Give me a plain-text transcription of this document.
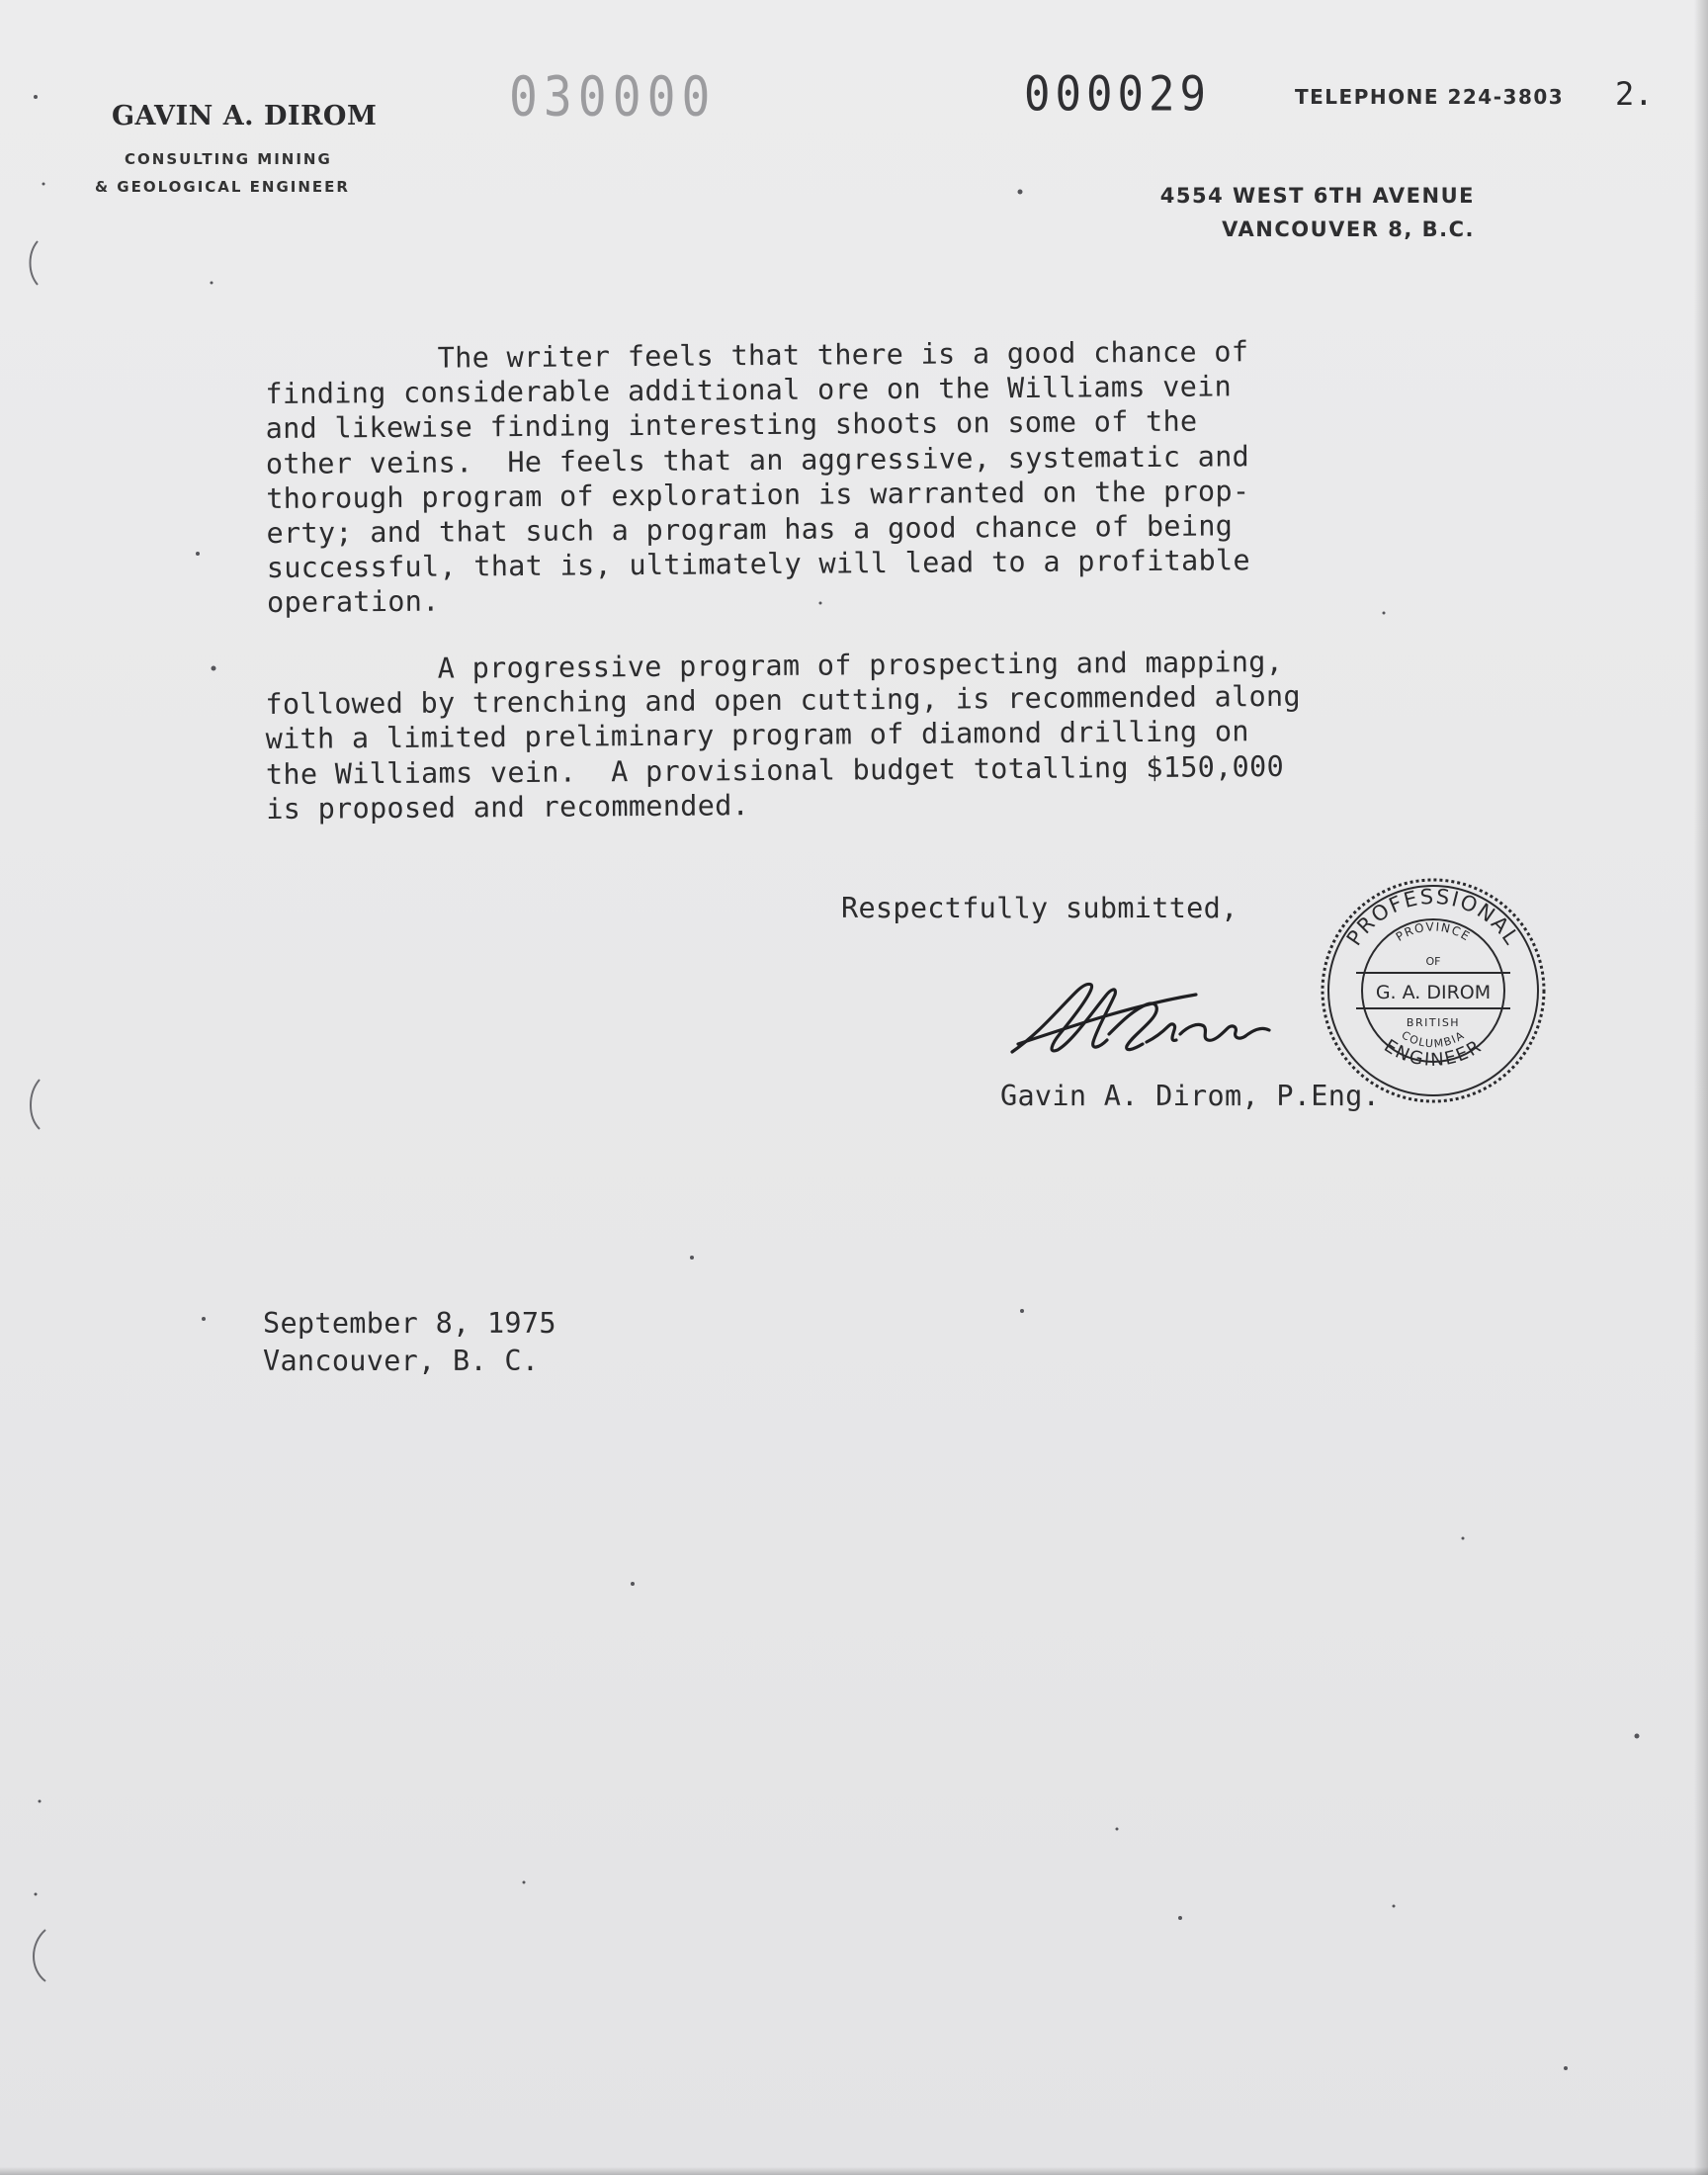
GAVIN A. DIROM
CONSULTING MINING
& GEOLOGICAL ENGINEER
030000	000029	TELEPHONE 224-3803 2.
4554 WEST 6TH AVENUE
VANCOUVER 8, B.C.
The writer feels that there is a good chance of
finding considerable additional ore on the Williams vein
and likewise finding interesting shoots on some of the
other veins.  He feels that an aggressive, systematic and
thorough program of exploration is warranted on the prop-
erty; and that such a program has a good chance of being
successful, that is, ultimately will lead to a profitable
operation.
A progressive program of prospecting and mapping,
followed by trenching and open cutting, is recommended along
with a limited preliminary program of diamond drilling on
the Williams vein.  A provisional budget totalling $150,000
is proposed and recommended.
Respectfully submitted,
PROFESSIONAL
ENGINEER
PROVINCE
OF
G. A. DIROM
BRITISH
COLUMBIA
Gavin A. Dirom, P.Eng.
September 8, 1975
Vancouver, B. C.
